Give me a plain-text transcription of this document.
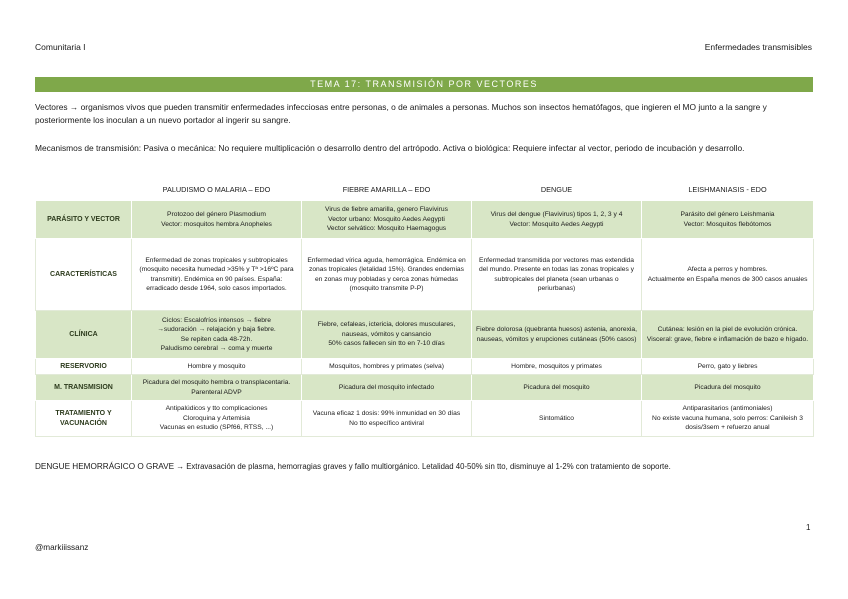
Comunitaria I	Enfermedades transmisibles
TEMA 17: TRANSMISIÓN POR VECTORES
Vectores → organismos vivos que pueden transmitir enfermedades infecciosas entre personas, o de animales a personas. Muchos son insectos hematófagos, que ingieren el MO junto a la sangre y posteriormente los inoculan a un nuevo portador al ingerir su sangre.
Mecanismos de transmisión: Pasiva o mecánica: No requiere multiplicación o desarrollo dentro del artrópodo. Activa o biológica: Requiere infectar al vector, periodo de incubación y desarrollo.
	PALUDISMO O MALARIA – EDO	FIEBRE AMARILLA – EDO	DENGUE	LEISHMANIASIS - EDO
PARÁSITO Y VECTOR	Protozoo del género Plasmodium
Vector: mosquitos hembra Anopheles	Virus de fiebre amarilla, genero Flavivirus
Vector urbano: Mosquito Aedes Aegypti
Vector selvático: Mosquito Haemagogus	Virus del dengue (Flavivirus) tipos 1, 2, 3 y 4
Vector: Mosquito Aedes Aegypti	Parásito del género Leishmania
Vector: Mosquitos flebótomos
CARACTERÍSTICAS	Enfermedad de zonas tropicales y subtropicales (mosquito necesita humedad >35% y Tª >16ºC para transmitir). Endémica en 90 países. España: erradicado desde 1964, solo casos importados.	Enfermedad vírica aguda, hemorrágica. Endémica en zonas tropicales (letalidad 15%). Grandes endemias en zonas muy pobladas y cerca zonas húmedas (mosquito transmite P-P)	Enfermedad transmitida por vectores mas extendida del mundo. Presente en todas las zonas tropicales y subtropicales del planeta (sean urbanas o periurbanas)	Afecta a perros y hombres.
Actualmente en España menos de 300 casos anuales
CLÍNICA	Ciclos: Escalofríos intensos → fiebre
→sudoración → relajación y baja fiebre.
Se repiten cada 48-72h.
Paludismo cerebral → coma y muerte	Fiebre, cefaleas, ictericia, dolores musculares, nauseas, vómitos y cansancio
50% casos fallecen sin tto en 7-10 días	Fiebre dolorosa (quebranta huesos) astenia, anorexia, nauseas, vómitos y erupciones cutáneas (50% casos)	Cutánea: lesión en la piel de evolución crónica.
Visceral: grave, fiebre e inflamación de bazo e hígado.
RESERVORIO	Hombre y mosquito	Mosquitos, hombres y primates (selva)	Hombre, mosquitos y primates	Perro, gato y liebres
M. TRANSMISION	Picadura del mosquito hembra o transplacentaria. Parenteral ADVP	Picadura del mosquito infectado	Picadura del mosquito	Picadura del mosquito
TRATAMIENTO Y VACUNACIÓN	Antipalúdicos y tto complicaciones
Cloroquina y Artemisia
Vacunas en estudio (SPf66, RTSS, ...)	Vacuna eficaz 1 dosis: 99% inmunidad en 30 días
No tto específico antiviral	Sintomático	Antiparasitarios (antimoniales)
No existe vacuna humana, solo perros: Canileish 3 dosis/3sem + refuerzo anual
DENGUE HEMORRÁGICO O GRAVE → Extravasación de plasma, hemorragias graves y fallo multiorgánico. Letalidad 40-50% sin tto, disminuye al 1-2% con tratamiento de soporte.
1
@markiiissanz
